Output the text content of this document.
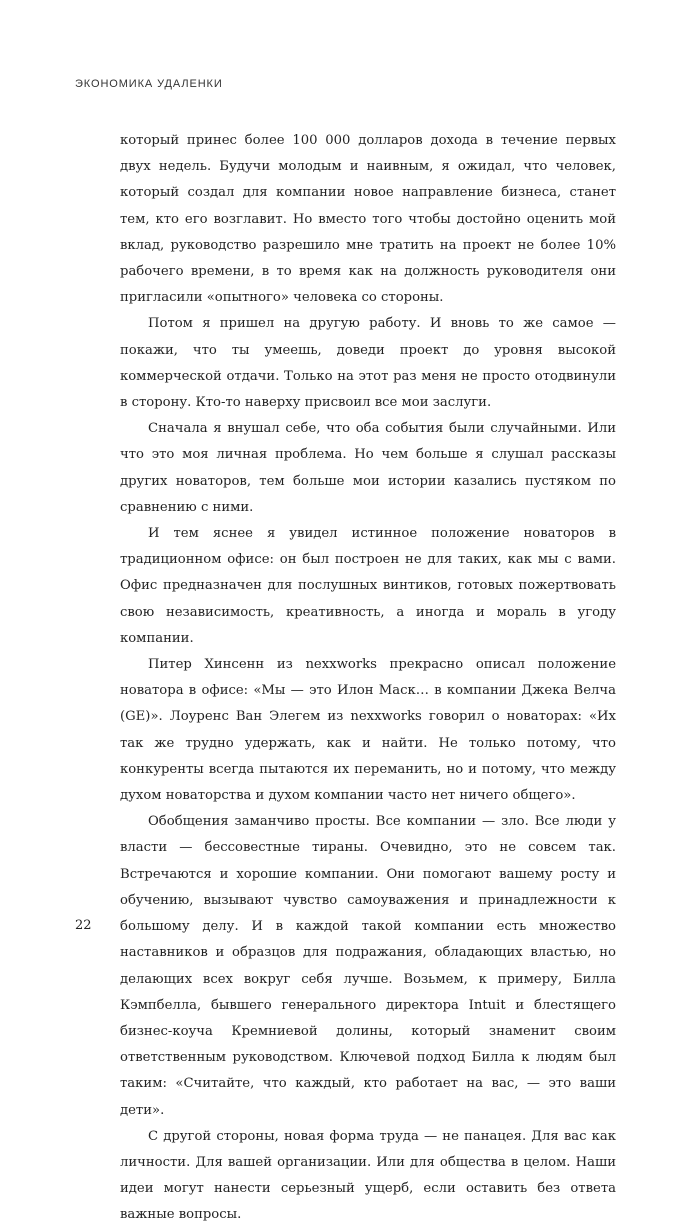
ЭКОНОМИКА УДАЛЕНКИ

который принес более 100 000 долларов дохода в течение первых двух недель. Будучи молодым и наивным, я ожидал, что человек, который создал для компании новое направление бизнеса, станет тем, кто его возглавит. Но вместо того чтобы достойно оценить мой вклад, руководство разрешило мне тратить на проект не более 10% рабочего времени, в то время как на должность руководителя они пригласили «опытного» человека со стороны.

Потом я пришел на другую работу. И вновь то же самое — покажи, что ты умеешь, доведи проект до уровня высокой коммерческой отдачи. Только на этот раз меня не просто отодвинули в сторону. Кто-то наверху присвоил все мои заслуги.

Сначала я внушал себе, что оба события были случайными. Или что это моя личная проблема. Но чем больше я слушал рассказы других новаторов, тем больше мои истории казались пустяком по сравнению с ними.

И тем яснее я увидел истинное положение новаторов в традиционном офисе: он был построен не для таких, как мы с вами. Офис предназначен для послушных винтиков, готовых пожертвовать свою независимость, креативность, а иногда и мораль в угоду компании.

Питер Хинсенн из nexxworks прекрасно описал положение новатора в офисе: «Мы — это Илон Маск… в компании Джека Велча (GE)». Лоуренс Ван Элегем из nexxworks говорил о новаторах: «Их так же трудно удержать, как и найти. Не только потому, что конкуренты всегда пытаются их переманить, но и потому, что между духом новаторства и духом компании часто нет ничего общего».

Обобщения заманчиво просты. Все компании — зло. Все люди у власти — бессовестные тираны. Очевидно, это не совсем так. Встречаются и хорошие компании. Они помогают вашему росту и обучению, вызывают чувство самоуважения и принадлежности к большому делу. И в каждой такой компании есть множество наставников и образцов для подражания, обладающих властью, но делающих всех вокруг себя лучше. Возьмем, к примеру, Билла Кэмпбелла, бывшего генерального директора Intuit и блестящего бизнес-коуча Кремниевой долины, который знаменит своим ответственным руководством. Ключевой подход Билла к людям был таким: «Считайте, что каждый, кто работает на вас, — это ваши дети».

С другой стороны, новая форма труда — не панацея. Для вас как личности. Для вашей организации. Или для общества в целом. Наши идеи могут нанести серьезный ущерб, если оставить без ответа важные вопросы.

22
